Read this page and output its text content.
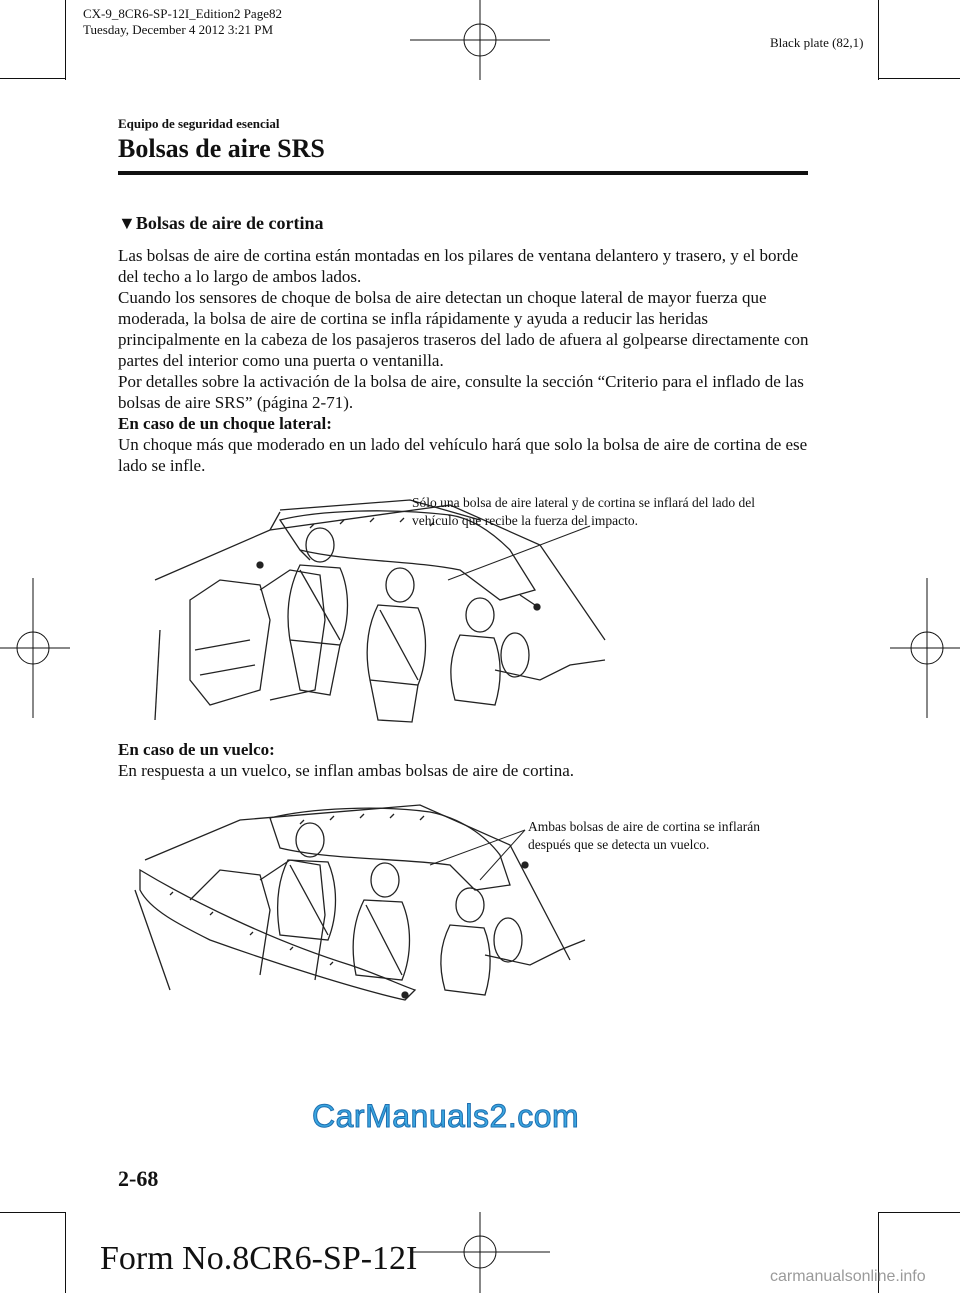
CX-9_8CR6-SP-12I_Edition2 Page82
Tuesday, December 4 2012 3:21 PM
Black plate (82,1)
Equipo de seguridad esencial
Bolsas de aire SRS
▼Bolsas de aire de cortina

Las bolsas de aire de cortina están montadas en los pilares de ventana delantero y trasero, y el borde del techo a lo largo de ambos lados.

Cuando los sensores de choque de bolsa de aire detectan un choque lateral de mayor fuerza que moderada, la bolsa de aire de cortina se infla rápidamente y ayuda a reducir las heridas principalmente en la cabeza de los pasajeros traseros del lado de afuera al golpearse directamente con partes del interior como una puerta o ventanilla.

Por detalles sobre la activación de la bolsa de aire, consulte la sección “Criterio para el inflado de las bolsas de aire SRS” (página 2-71).

En caso de un choque lateral:

Un choque más que moderado en un lado del vehículo hará que solo la bolsa de aire de cortina de ese lado se infle.

Sólo una bolsa de aire lateral y de cortina se inflará del lado del vehículo que recibe la fuerza del impacto.

En caso de un vuelco:

En respuesta a un vuelco, se inflan ambas bolsas de aire de cortina.

Ambas bolsas de aire de cortina se inflarán después que se detecta un vuelco.
CarManuals2.com
2-68
Form No.8CR6-SP-12I	carmanualsonline.info
